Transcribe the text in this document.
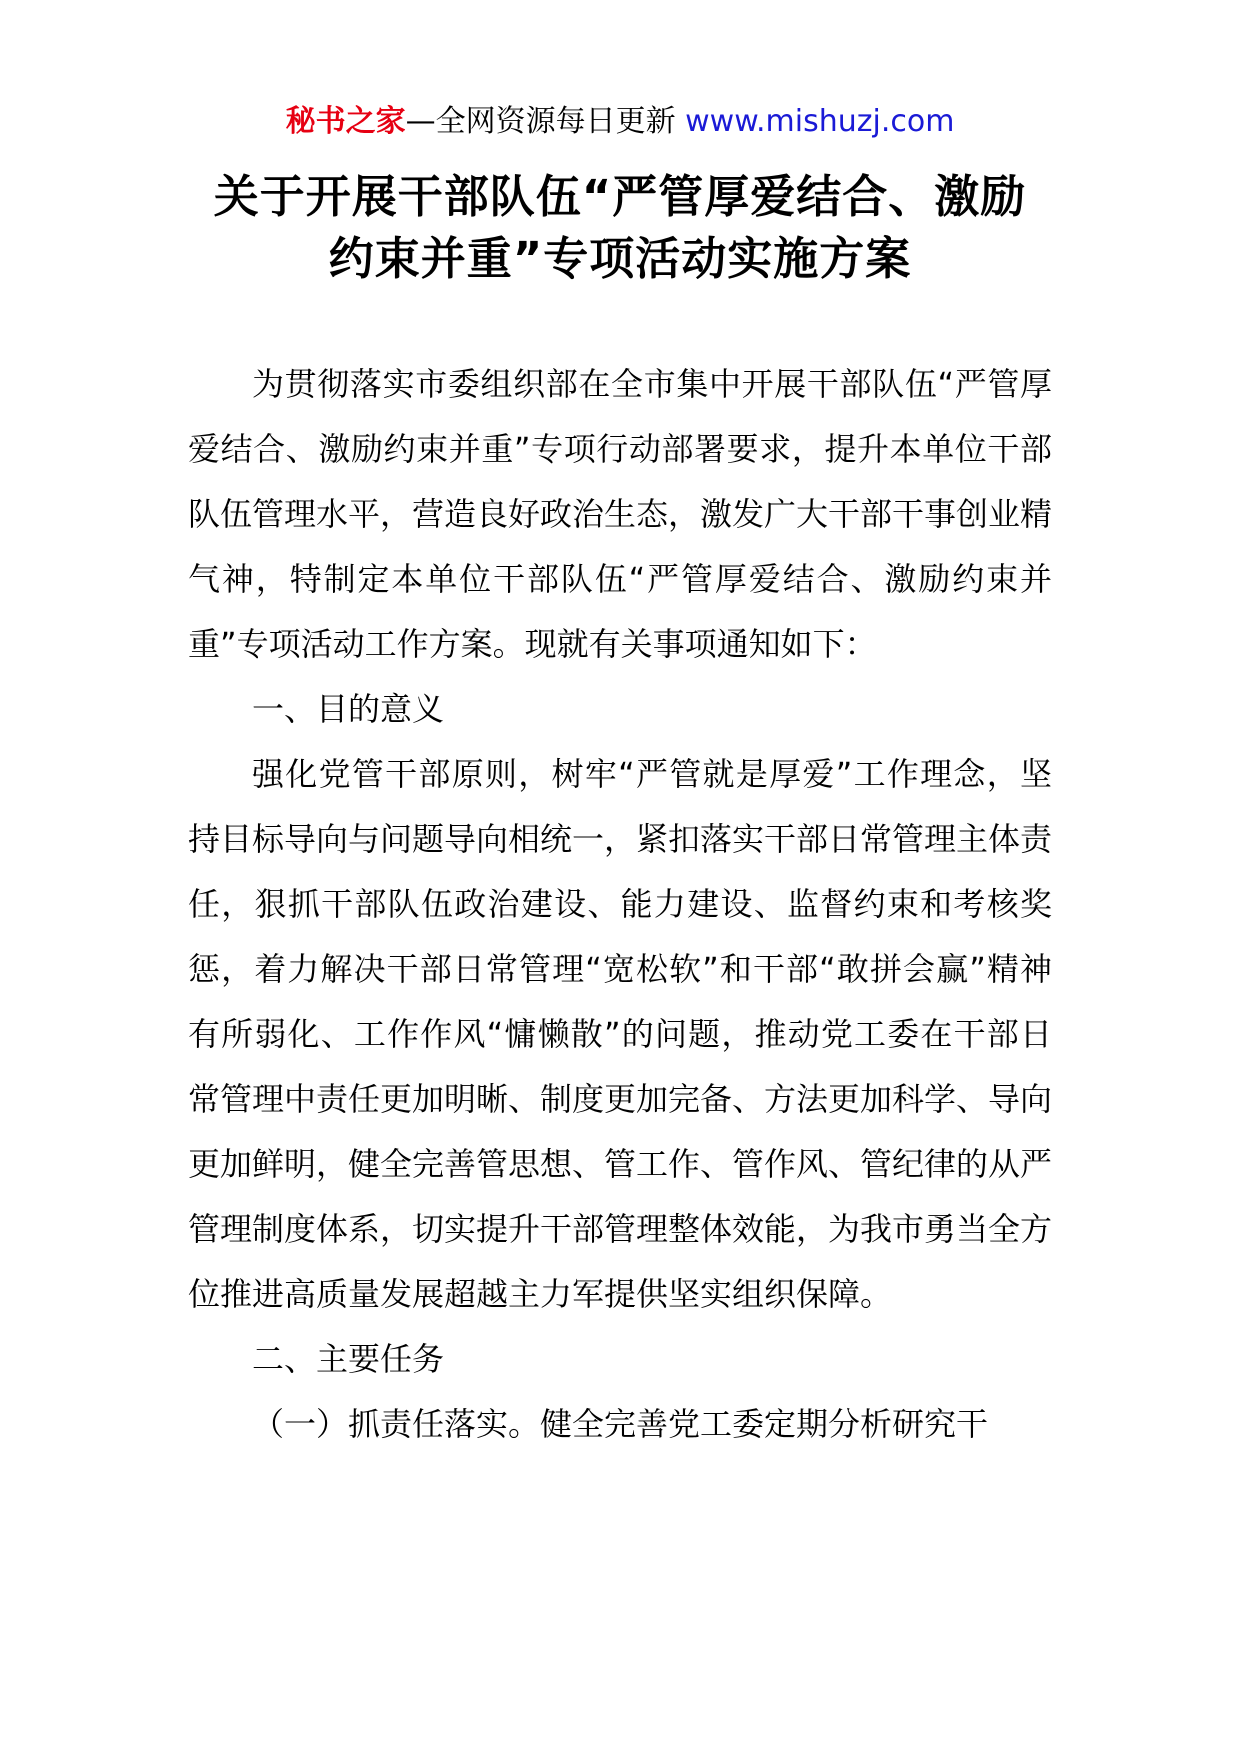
秘书之家—全网资源每日更新 www.mishuzj.com
关于开展干部队伍“严管厚爱结合、激励
约束并重”专项活动实施方案

为贯彻落实市委组织部在全市集中开展干部队伍“严管厚爱结合、激励约束并重”专项行动部署要求，提升本单位干部队伍管理水平，营造良好政治生态，激发广大干部干事创业精气神，特制定本单位干部队伍“严管厚爱结合、激励约束并重”专项活动工作方案。现就有关事项通知如下：

一、目的意义

强化党管干部原则，树牢“严管就是厚爱”工作理念，坚持目标导向与问题导向相统一，紧扣落实干部日常管理主体责任，狠抓干部队伍政治建设、能力建设、监督约束和考核奖惩，着力解决干部日常管理“宽松软”和干部“敢拼会赢”精神有所弱化、工作作风“慵懒散”的问题，推动党工委在干部日常管理中责任更加明晰、制度更加完备、方法更加科学、导向更加鲜明，健全完善管思想、管工作、管作风、管纪律的从严管理制度体系，切实提升干部管理整体效能，为我市勇当全方位推进高质量发展超越主力军提供坚实组织保障。

二、主要任务

（一）抓责任落实。健全完善党工委定期分析研究干
